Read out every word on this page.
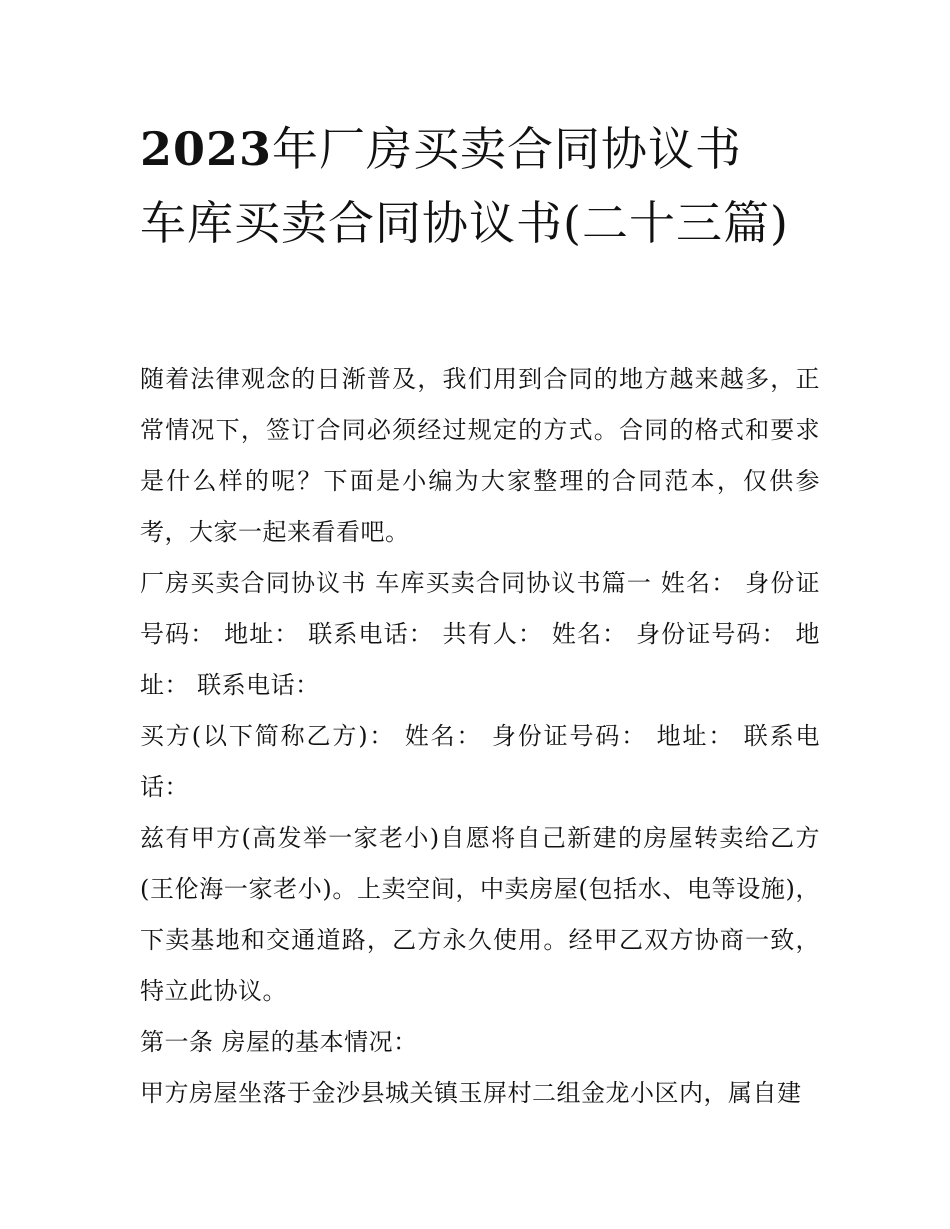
2023年厂房买卖合同协议书 车库买卖合同协议书(二十三篇)

随着法律观念的日渐普及，我们用到合同的地方越来越多，正常情况下，签订合同必须经过规定的方式。合同的格式和要求是什么样的呢？下面是小编为大家整理的合同范本，仅供参考，大家一起来看看吧。

厂房买卖合同协议书 车库买卖合同协议书篇一 姓名： 身份证号码： 地址： 联系电话： 共有人： 姓名： 身份证号码： 地址： 联系电话：

买方(以下简称乙方)： 姓名： 身份证号码： 地址： 联系电话：

兹有甲方(高发举一家老小)自愿将自己新建的房屋转卖给乙方(王伦海一家老小)。上卖空间，中卖房屋(包括水、电等设施)，下卖基地和交通道路，乙方永久使用。经甲乙双方协商一致，特立此协议。

第一条 房屋的基本情况：

甲方房屋坐落于金沙县城关镇玉屏村二组金龙小区内，属自建
